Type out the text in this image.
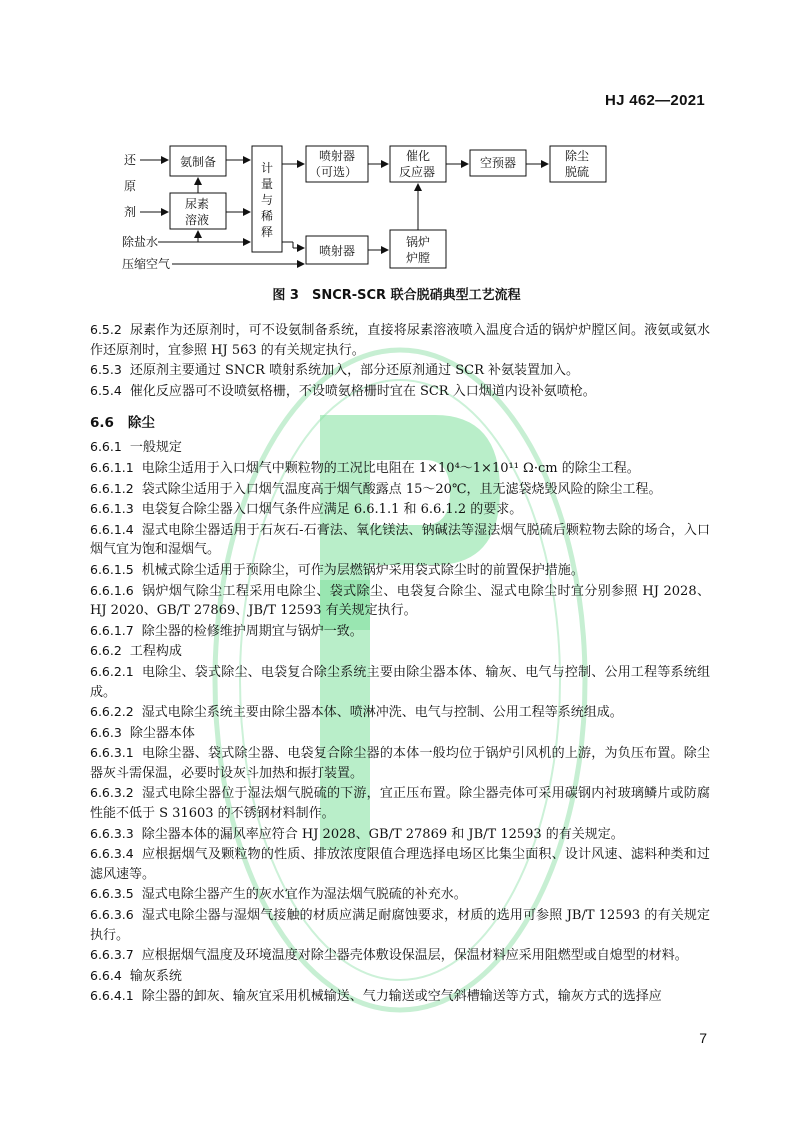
HJ 462—2021
还
原
剂
除盐水
压缩空气
氨制备
尿素
溶液
计
量
与
稀
释
喷射器
（可选）
喷射器
催化
反应器
锅炉
炉膛
空预器	除尘
脱硫
图 3　SNCR-SCR 联合脱硝典型工艺流程
6.5.2 尿素作为还原剂时，可不设氨制备系统，直接将尿素溶液喷入温度合适的锅炉炉膛区间。液氨或氨水作还原剂时，宜参照 HJ 563 的有关规定执行。
6.5.3 还原剂主要通过 SNCR 喷射系统加入，部分还原剂通过 SCR 补氨装置加入。
6.5.4 催化反应器可不设喷氨格栅，不设喷氨格栅时宜在 SCR 入口烟道内设补氨喷枪。
6.6 除尘
6.6.1 一般规定
6.6.1.1 电除尘适用于入口烟气中颗粒物的工况比电阻在 1×10⁴～1×10¹¹ Ω·cm 的除尘工程。
6.6.1.2 袋式除尘适用于入口烟气温度高于烟气酸露点 15～20℃，且无滤袋烧毁风险的除尘工程。
6.6.1.3 电袋复合除尘器入口烟气条件应满足 6.6.1.1 和 6.6.1.2 的要求。
6.6.1.4 湿式电除尘器适用于石灰石-石膏法、氧化镁法、钠碱法等湿法烟气脱硫后颗粒物去除的场合，入口烟气宜为饱和湿烟气。
6.6.1.5 机械式除尘适用于预除尘，可作为层燃锅炉采用袋式除尘时的前置保护措施。
6.6.1.6 锅炉烟气除尘工程采用电除尘、袋式除尘、电袋复合除尘、湿式电除尘时宜分别参照 HJ 2028、HJ 2020、GB/T 27869、JB/T 12593 有关规定执行。
6.6.1.7 除尘器的检修维护周期宜与锅炉一致。
6.6.2 工程构成
6.6.2.1 电除尘、袋式除尘、电袋复合除尘系统主要由除尘器本体、输灰、电气与控制、公用工程等系统组成。
6.6.2.2 湿式电除尘系统主要由除尘器本体、喷淋冲洗、电气与控制、公用工程等系统组成。
6.6.3 除尘器本体
6.6.3.1 电除尘器、袋式除尘器、电袋复合除尘器的本体一般均位于锅炉引风机的上游，为负压布置。除尘器灰斗需保温，必要时设灰斗加热和振打装置。
6.6.3.2 湿式电除尘器位于湿法烟气脱硫的下游，宜正压布置。除尘器壳体可采用碳钢内衬玻璃鳞片或防腐性能不低于 S 31603 的不锈钢材料制作。
6.6.3.3 除尘器本体的漏风率应符合 HJ 2028、GB/T 27869 和 JB/T 12593 的有关规定。
6.6.3.4 应根据烟气及颗粒物的性质、排放浓度限值合理选择电场区比集尘面积、设计风速、滤料种类和过滤风速等。
6.6.3.5 湿式电除尘器产生的灰水宜作为湿法烟气脱硫的补充水。
6.6.3.6 湿式电除尘器与湿烟气接触的材质应满足耐腐蚀要求，材质的选用可参照 JB/T 12593 的有关规定执行。
6.6.3.7 应根据烟气温度及环境温度对除尘器壳体敷设保温层，保温材料应采用阻燃型或自熄型的材料。
6.6.4 输灰系统
6.6.4.1 除尘器的卸灰、输灰宜采用机械输送、气力输送或空气斜槽输送等方式，输灰方式的选择应
7
